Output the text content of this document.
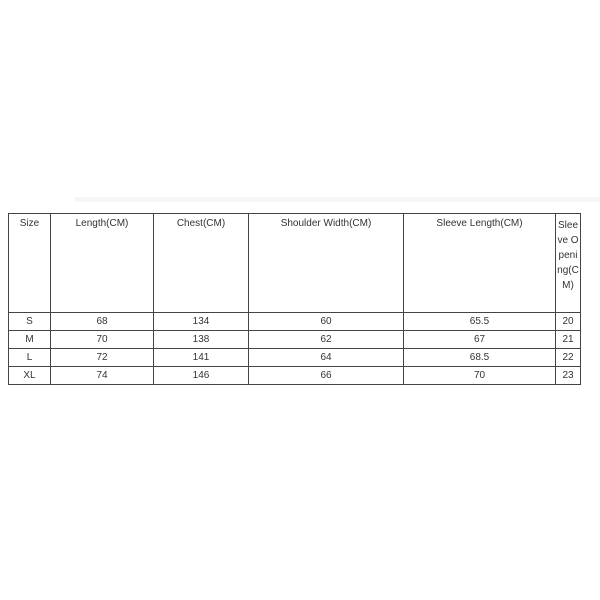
Size	Length(CM)	Chest(CM)	Shoulder Width(CM)	Sleeve Length(CM)	Sleeve Opening(CM)
S	68	134	60	65.5	20
M	70	138	62	67	21
L	72	141	64	68.5	22
XL	74	146	66	70	23
